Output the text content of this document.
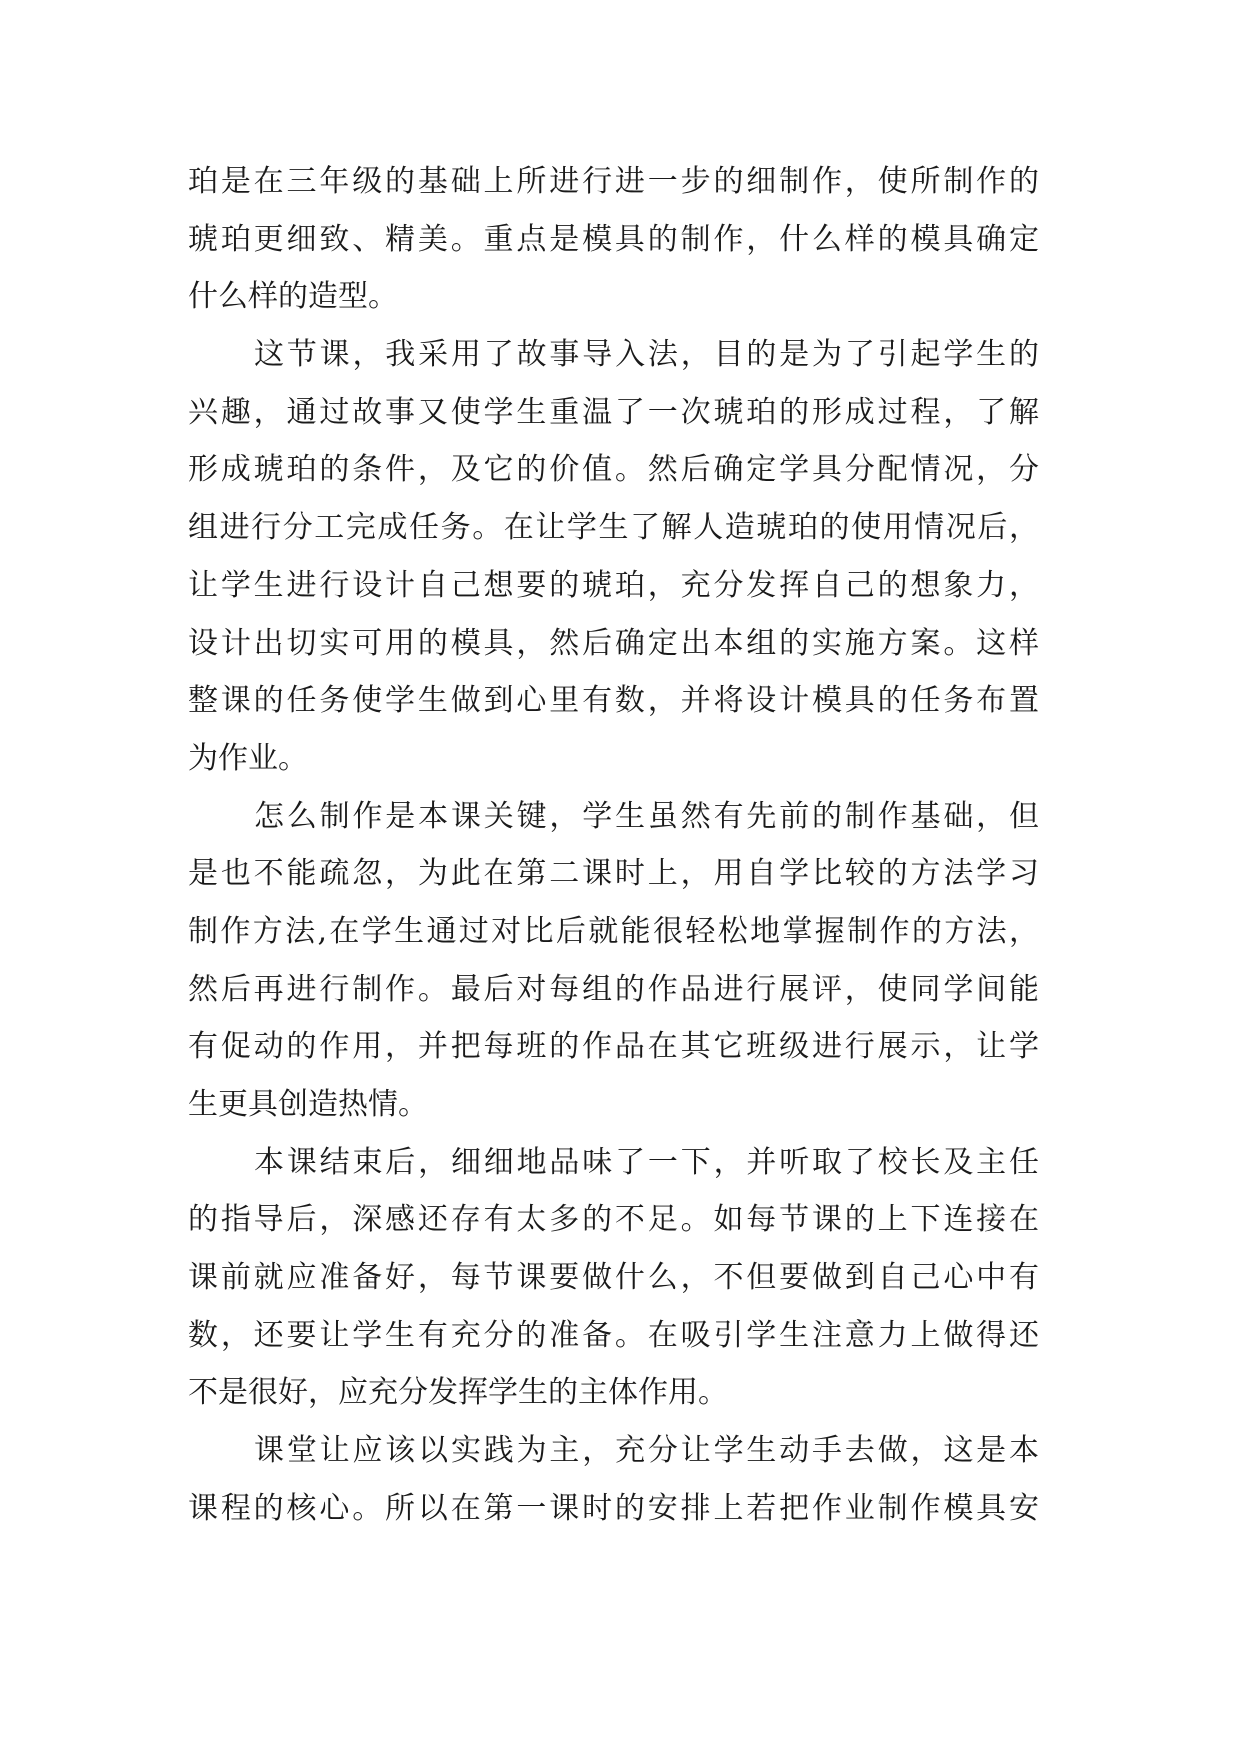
珀是在三年级的基础上所进行进一步的细制作，使所制作的
琥珀更细致、精美。重点是模具的制作，什么样的模具确定
什么样的造型。
这节课，我采用了故事导入法，目的是为了引起学生的
兴趣，通过故事又使学生重温了一次琥珀的形成过程，了解
形成琥珀的条件，及它的价值。然后确定学具分配情况，分
组进行分工完成任务。在让学生了解人造琥珀的使用情况后，
让学生进行设计自己想要的琥珀，充分发挥自己的想象力，
设计出切实可用的模具，然后确定出本组的实施方案。这样
整课的任务使学生做到心里有数，并将设计模具的任务布置
为作业。
怎么制作是本课关键，学生虽然有先前的制作基础，但
是也不能疏忽，为此在第二课时上，用自学比较的方法学习
制作方法,在学生通过对比后就能很轻松地掌握制作的方法，
然后再进行制作。最后对每组的作品进行展评，使同学间能
有促动的作用，并把每班的作品在其它班级进行展示，让学
生更具创造热情。
本课结束后，细细地品味了一下，并听取了校长及主任
的指导后，深感还存有太多的不足。如每节课的上下连接在
课前就应准备好，每节课要做什么，不但要做到自己心中有
数，还要让学生有充分的准备。在吸引学生注意力上做得还
不是很好，应充分发挥学生的主体作用。
课堂让应该以实践为主，充分让学生动手去做，这是本
课程的核心。所以在第一课时的安排上若把作业制作模具安
